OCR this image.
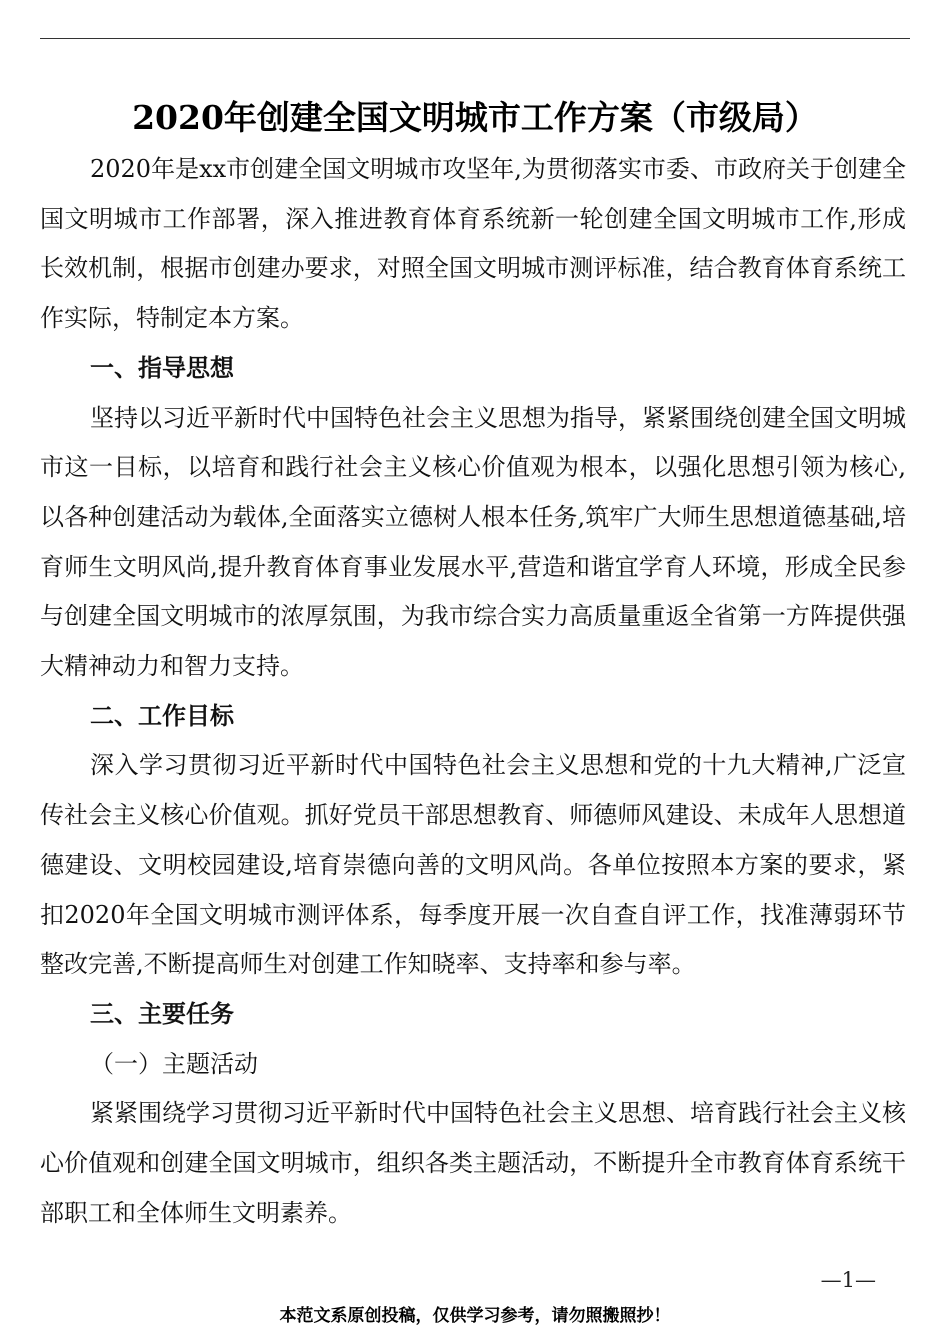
2020年创建全国文明城市工作方案（市级局）

2020年是xx市创建全国文明城市攻坚年,为贯彻落实市委、市政府关于创建全国文明城市工作部署，深入推进教育体育系统新一轮创建全国文明城市工作,形成长效机制，根据市创建办要求，对照全国文明城市测评标准，结合教育体育系统工作实际，特制定本方案。

一、指导思想

坚持以习近平新时代中国特色社会主义思想为指导，紧紧围绕创建全国文明城市这一目标，以培育和践行社会主义核心价值观为根本，以强化思想引领为核心,以各种创建活动为载体,全面落实立德树人根本任务,筑牢广大师生思想道德基础,培育师生文明风尚,提升教育体育事业发展水平,营造和谐宜学育人环境，形成全民参与创建全国文明城市的浓厚氛围，为我市综合实力高质量重返全省第一方阵提供强大精神动力和智力支持。

二、工作目标

深入学习贯彻习近平新时代中国特色社会主义思想和党的十九大精神,广泛宣传社会主义核心价值观。抓好党员干部思想教育、师德师风建设、未成年人思想道德建设、文明校园建设,培育崇德向善的文明风尚。各单位按照本方案的要求，紧扣2020年全国文明城市测评体系，每季度开展一次自查自评工作，找准薄弱环节整改完善,不断提高师生对创建工作知晓率、支持率和参与率。

三、主要任务

（一）主题活动

紧紧围绕学习贯彻习近平新时代中国特色社会主义思想、培育践行社会主义核心价值观和创建全国文明城市，组织各类主题活动，不断提升全市教育体育系统干部职工和全体师生文明素养。

—1—
本范文系原创投稿，仅供学习参考，请勿照搬照抄！
